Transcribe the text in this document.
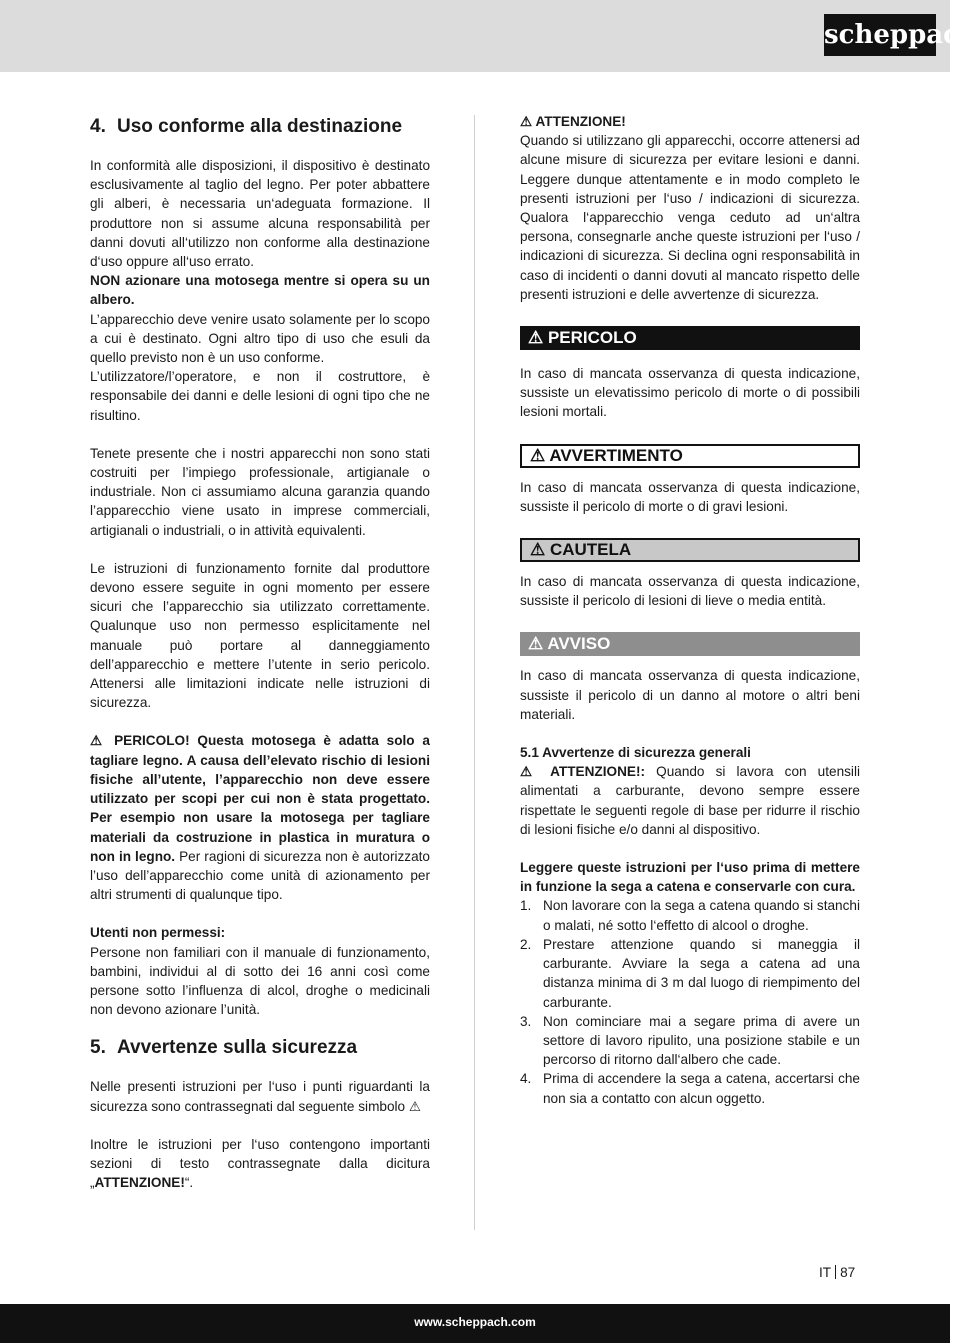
scheppach
4. Uso conforme alla destinazione

In conformità alle disposizioni, il dispositivo è destinato esclusivamente al taglio del legno. Per poter abbattere gli alberi, è necessaria un‘adeguata formazione. Il produttore non si assume alcuna responsabilità per danni dovuti all‘utilizzo non conforme alla destinazione d‘uso oppure all‘uso errato.

NON azionare una motosega mentre si opera su un albero.

L’apparecchio deve venire usato solamente per lo scopo a cui è destinato. Ogni altro tipo di uso che esuli da quello previsto non è un uso conforme.

L’utilizzatore/l’operatore, e non il costruttore, è responsabile dei danni e delle lesioni di ogni tipo che ne risultino.

Tenete presente che i nostri apparecchi non sono stati costruiti per l’impiego professionale, artigianale o industriale. Non ci assumiamo alcuna garanzia quando l’apparecchio viene usato in imprese commerciali, artigianali o industriali, o in attività equivalenti.

Le istruzioni di funzionamento fornite dal produttore devono essere seguite in ogni momento per essere sicuri che l’apparecchio sia utilizzato correttamente. Qualunque uso non permesso esplicitamente nel manuale può portare al danneggiamento dell’apparecchio e mettere l’utente in serio pericolo. Attenersi alle limitazioni indicate nelle istruzioni di sicurezza.

⚠ PERICOLO! Questa motosega è adatta solo a tagliare legno. A causa dell’elevato rischio di lesioni fisiche all’utente, l’apparecchio non deve essere utilizzato per scopi per cui non è stata progettato. Per esempio non usare la motosega per tagliare materiali da costruzione in plastica in muratura o non in legno. Per ragioni di sicurezza non è autorizzato l’uso dell’apparecchio come unità di azionamento per altri strumenti di qualunque tipo.

Utenti non permessi:

Persone non familiari con il manuale di funzionamento, bambini, individui al di sotto dei 16 anni così come persone sotto l’influenza di alcol, droghe o medicinali non devono azionare l’unità.

5. Avvertenze sulla sicurezza

Nelle presenti istruzioni per l‘uso i punti riguardanti la sicurezza sono contrassegnati dal seguente simbolo ⚠

Inoltre le istruzioni per l‘uso contengono importanti sezioni di testo contrassegnate dalla dicitura „ATTENZIONE!“.

⚠ ATTENZIONE!

Quando si utilizzano gli apparecchi, occorre attenersi ad alcune misure di sicurezza per evitare lesioni e danni. Leggere dunque attentamente e in modo completo le presenti istruzioni per l‘uso / indicazioni di sicurezza. Qualora l‘apparecchio venga ceduto ad un‘altra persona, consegnarle anche queste istruzioni per l‘uso / indicazioni di sicurezza. Si declina ogni responsabilità in caso di incidenti o danni dovuti al mancato rispetto delle presenti istruzioni e delle avvertenze di sicurezza.

⚠ PERICOLO

In caso di mancata osservanza di questa indicazione, sussiste un elevatissimo pericolo di morte o di possibili lesioni mortali.

⚠ AVVERTIMENTO

In caso di mancata osservanza di questa indicazione, sussiste il pericolo di morte o di gravi lesioni.

⚠ CAUTELA

In caso di mancata osservanza di questa indicazione, sussiste il pericolo di lesioni di lieve o media entità.

⚠ AVVISO

In caso di mancata osservanza di questa indicazione, sussiste il pericolo di un danno al motore o altri beni materiali.

5.1 Avvertenze di sicurezza generali

⚠ ATTENZIONE!: Quando si lavora con utensili alimentati a carburante, devono sempre essere rispettate le seguenti regole di base per ridurre il rischio di lesioni fisiche e/o danni al dispositivo.

Leggere queste istruzioni per l‘uso prima di mettere in funzione la sega a catena e conservarle con cura.

1. Non lavorare con la sega a catena quando si stanchi o malati, né sotto l‘effetto di alcool o droghe.
2. Prestare attenzione quando si maneggia il carburante. Avviare la sega a catena ad una distanza minima di 3 m dal luogo di riempimento del carburante.
3. Non cominciare mai a segare prima di avere un settore di lavoro ripulito, una posizione stabile e un percorso di ritorno dall‘albero che cade.
4. Prima di accendere la sega a catena, accertarsi che non sia a contatto con alcun oggetto.
IT 87
www.scheppach.com
